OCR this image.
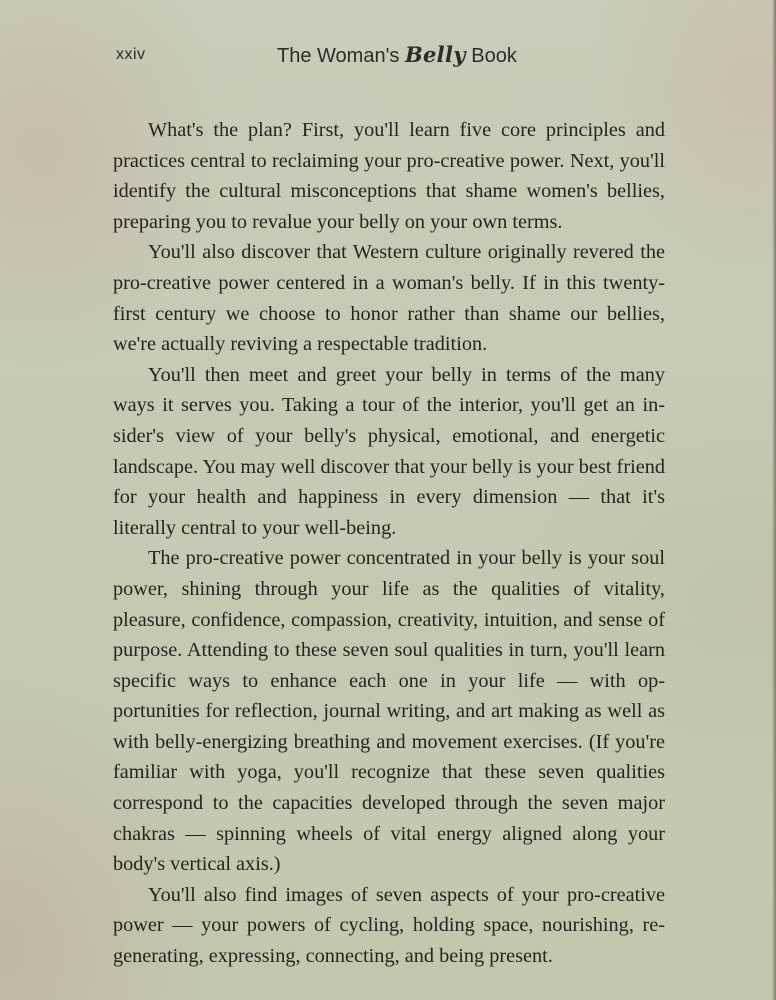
xxiv	The Woman's Belly Book

What's the plan? First, you'll learn five core principles and practices central to reclaiming your pro-creative power. Next, you'll identify the cultural misconceptions that shame women's bellies, preparing you to revalue your belly on your own terms.

You'll also discover that Western culture originally revered the pro-creative power centered in a woman's belly. If in this twenty-first century we choose to honor rather than shame our bellies, we're actually reviving a respectable tradition.

You'll then meet and greet your belly in terms of the many ways it serves you. Taking a tour of the interior, you'll get an insider's view of your belly's physical, emotional, and energetic landscape. You may well discover that your belly is your best friend for your health and happiness in every dimension — that it's literally central to your well-being.

The pro-creative power concentrated in your belly is your soul power, shining through your life as the qualities of vitality, pleasure, confidence, compassion, creativity, intuition, and sense of purpose. Attending to these seven soul qualities in turn, you'll learn specific ways to enhance each one in your life — with opportunities for reflection, journal writing, and art making as well as with belly-energizing breathing and movement exercises. (If you're familiar with yoga, you'll recognize that these seven qualities correspond to the capacities developed through the seven major chakras — spinning wheels of vital energy aligned along your body's vertical axis.)

You'll also find images of seven aspects of your pro-creative power — your powers of cycling, holding space, nourishing, regenerating, expressing, connecting, and being present.
